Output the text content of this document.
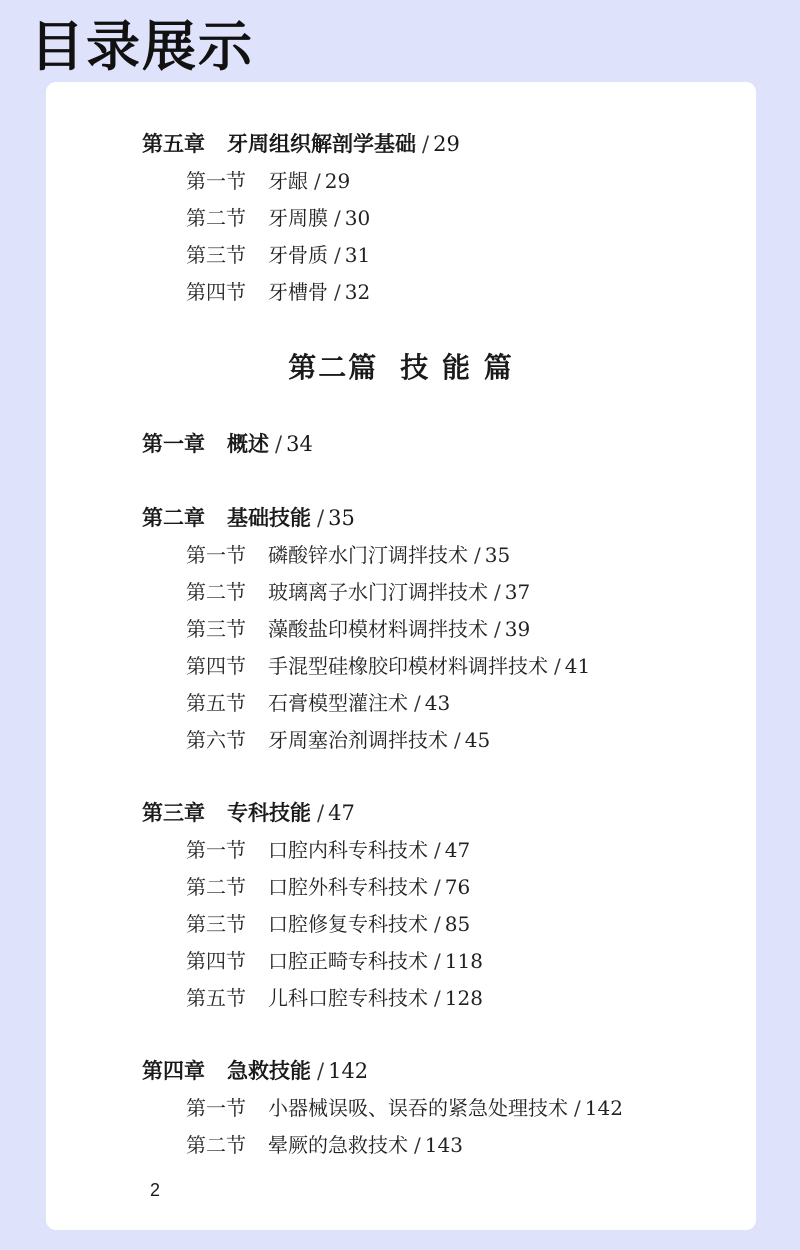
目录展示
第五章 牙周组织解剖学基础 / 29
第一节 牙龈 / 29
第二节 牙周膜 / 30
第三节 牙骨质 / 31
第四节 牙槽骨 / 32
第二篇 技 能 篇
第一章 概述 / 34
第二章 基础技能 / 35
第一节 磷酸锌水门汀调拌技术 / 35
第二节 玻璃离子水门汀调拌技术 / 37
第三节 藻酸盐印模材料调拌技术 / 39
第四节 手混型硅橡胶印模材料调拌技术 / 41
第五节 石膏模型灌注术 / 43
第六节 牙周塞治剂调拌技术 / 45
第三章 专科技能 / 47
第一节 口腔内科专科技术 / 47
第二节 口腔外科专科技术 / 76
第三节 口腔修复专科技术 / 85
第四节 口腔正畸专科技术 / 118
第五节 儿科口腔专科技术 / 128
第四章 急救技能 / 142
第一节 小器械误吸、误吞的紧急处理技术 / 142
第二节 晕厥的急救技术 / 143
2
